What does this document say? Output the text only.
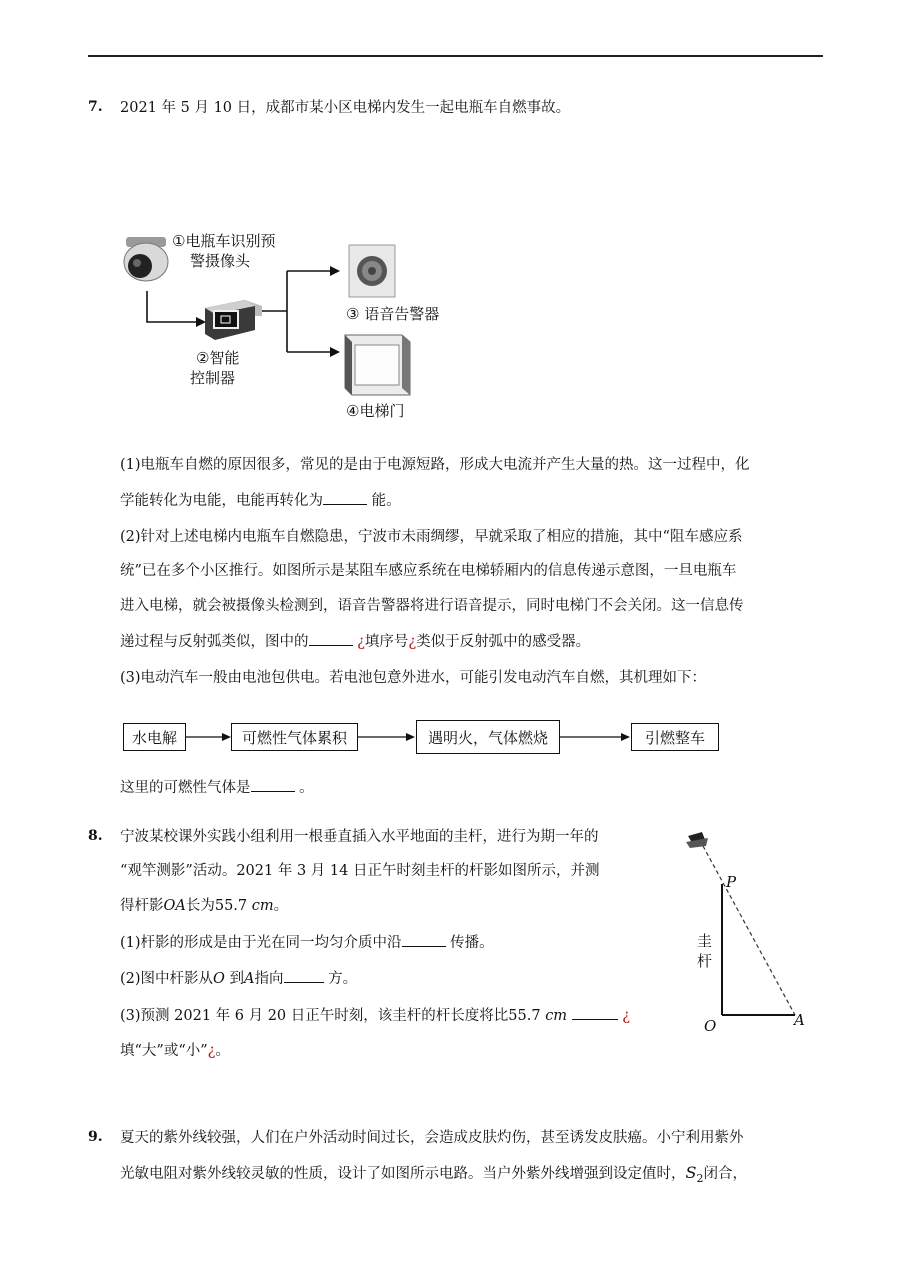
7. 2021 年 5 月 10 日，成都市某小区电梯内发生一起电瓶车自燃事故。
①电瓶车识别预
警摄像头
②智能
控制器
③ 语音告警器
④电梯门
(1)电瓶车自燃的原因很多，常见的是由于电源短路，形成大电流并产生大量的热。这一过程中，化
学能转化为电能，电能再转化为	能。
(2)针对上述电梯内电瓶车自燃隐患，宁波市未雨绸缪，早就采取了相应的措施，其中“阻车感应系
统”已在多个小区推行。如图所示是某阻车感应系统在电梯轿厢内的信息传递示意图，一旦电瓶车
进入电梯，就会被摄像头检测到，语音告警器将进行语音提示，同时电梯门不会关闭。这一信息传
递过程与反射弧类似，图中的	¿填序号¿类似于反射弧中的感受器。
(3)电动汽车一般由电池包供电。若电池包意外进水，可能引发电动汽车自燃，其机理如下：
水电解	可燃性气体累积	遇明火，气体燃烧	引燃整车
这里的可燃性气体是	。
8. 宁波某校课外实践小组利用一根垂直插入水平地面的圭杆，进行为期一年的
“观竿测影”活动。2021 年 3 月 14 日正午时刻圭杆的杆影如图所示，并测
得杆影OA长为55.7 cm。
(1)杆影的形成是由于光在同一均匀介质中沿	传播。
(2)图中杆影从O 到A指向	方。
(3)预测 2021 年 6 月 20 日正午时刻，该圭杆的杆长度将比55.7 cm	¿
填“大”或“小”¿。
P
O	A
圭
杆
9. 夏天的紫外线较强，人们在户外活动时间过长，会造成皮肤灼伤，甚至诱发皮肤癌。小宁利用紫外
光敏电阻对紫外线较灵敏的性质，设计了如图所示电路。当户外紫外线增强到设定值时，$S_2$闭合，
